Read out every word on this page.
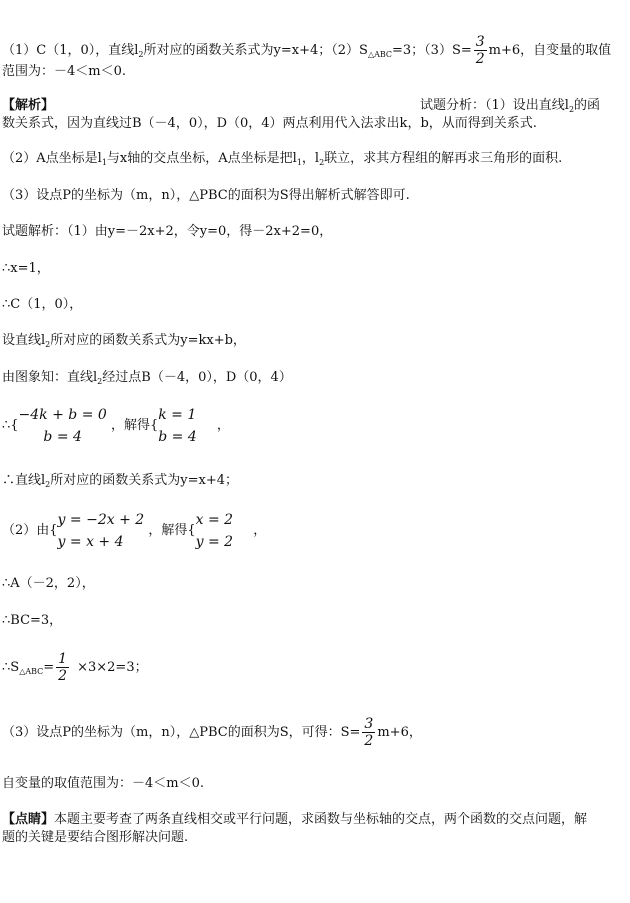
（1）C（1，0），直线$l_2$所对应的函数关系式为y=x+4；$(2)S_{\triangle ABC}=3$；$(3)S= \frac{3}{2} m+6$，自变量的取值
范围为：－4＜m＜0.
【解析】	试题分析：（1）设出直线$l_2$的函
数关系式，因为直线过B（－4，0），D（0，4）两点利用代入法求出k，b，从而得到关系式.
（2）A点坐标是$l_1$与x轴的交点坐标，A点坐标是把$l_1$，$l_2$联立，求其方程组的解再求三角形的面积.
（3）设点P的坐标为（m，n），△PBC的面积为S得出解析式解答即可.
试题解析：（1）由y=－2x+2，令y=0，得－2x+2=0，
∴x=1，
∴C（1，0），
设直线$l_2$所对应的函数关系式为y=kx+b，
由图象知：直线$l_2$经过点B（－4，0），D（0，4）
∴{
−4k + b = 0
b = 4
，解得{
k = 1
b = 4
，
∴直线$l_2$所对应的函数关系式为y=x+4；
（2）由{
y = −2x + 2
y = x + 4
，解得{
x = 2
y = 2
，
∴A（－2，2），
∴BC=3，
$\therefore S_{\triangle ABC}= \frac{1}{2} \times 3\times 2=3$；
（3）设点P的坐标为（m，n），△PBC的面积为S，可得：$S= \frac{3}{2} m+6$，
自变量的取值范围为：－4＜m＜0.
【点睛】本题主要考查了两条直线相交或平行问题，求函数与坐标轴的交点，两个函数的交点问题，解
题的关键是要结合图形解决问题.
